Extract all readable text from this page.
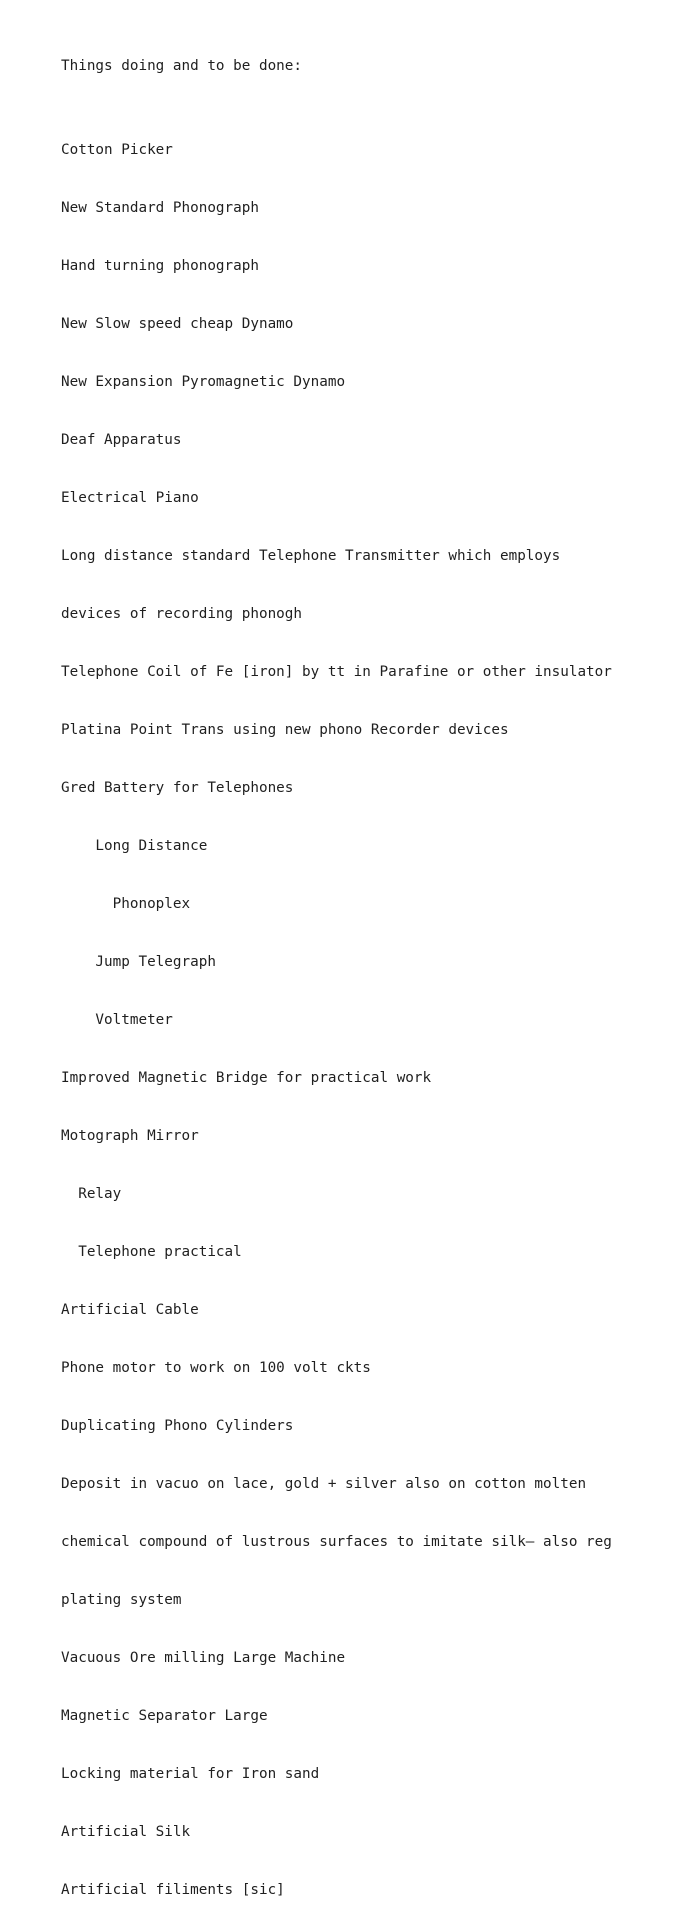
Things doing and to be done:

Cotton Picker

New Standard Phonograph

Hand turning phonograph

New Slow speed cheap Dynamo

New Expansion Pyromagnetic Dynamo

Deaf Apparatus

Electrical Piano

Long distance standard Telephone Transmitter which employs

devices of recording phonogh

Telephone Coil of Fe [iron] by tt in Parafine or other insulator

Platina Point Trans using new phono Recorder devices

Gred Battery for Telephones

Long Distance

Phonoplex

Jump Telegraph

Voltmeter

Improved Magnetic Bridge for practical work

Motograph Mirror

Relay

Telephone practical

Artificial Cable

Phone motor to work on 100 volt ckts

Duplicating Phono Cylinders

Deposit in vacuo on lace, gold + silver also on cotton molten

chemical compound of lustrous surfaces to imitate silk— also reg

plating system

Vacuous Ore milling Large Machine

Magnetic Separator Large

Locking material for Iron sand

Artificial Silk

Artificial filiments [sic]
